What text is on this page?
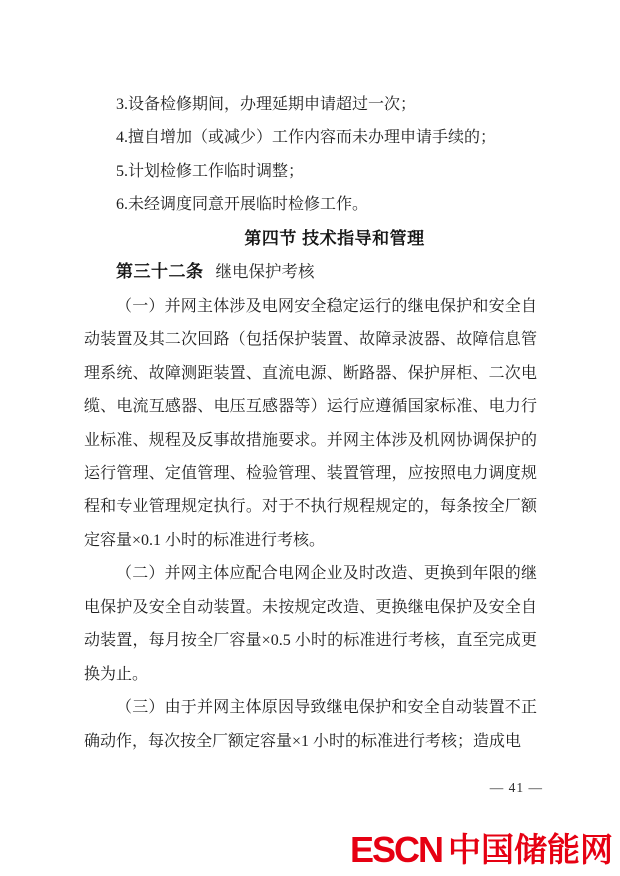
3.设备检修期间，办理延期申请超过一次；

4.擅自增加（或减少）工作内容而未办理申请手续的；

5.计划检修工作临时调整；

6.未经调度同意开展临时检修工作。

第四节 技术指导和管理

第三十二条 继电保护考核

（一）并网主体涉及电网安全稳定运行的继电保护和安全自动装置及其二次回路（包括保护装置、故障录波器、故障信息管理系统、故障测距装置、直流电源、断路器、保护屏柜、二次电缆、电流互感器、电压互感器等）运行应遵循国家标准、电力行业标准、规程及反事故措施要求。并网主体涉及机网协调保护的运行管理、定值管理、检验管理、装置管理，应按照电力调度规程和专业管理规定执行。对于不执行规程规定的，每条按全厂额定容量×0.1 小时的标准进行考核。

（二）并网主体应配合电网企业及时改造、更换到年限的继电保护及安全自动装置。未按规定改造、更换继电保护及安全自动装置，每月按全厂容量×0.5 小时的标准进行考核，直至完成更换为止。

（三）由于并网主体原因导致继电保护和安全自动装置不正确动作，每次按全厂额定容量×1 小时的标准进行考核；造成电

— 41 —
ESCN 中国储能网
